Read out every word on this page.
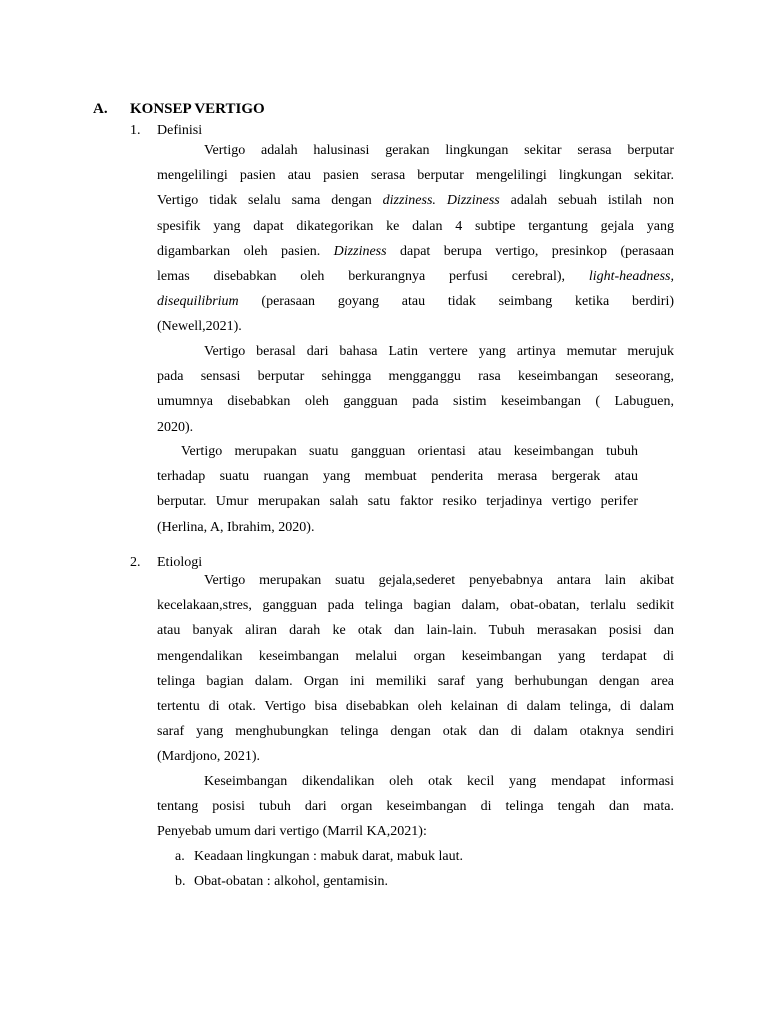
A. KONSEP VERTIGO
1. Definisi
Vertigo adalah halusinasi gerakan lingkungan sekitar serasa berputar
mengelilingi pasien atau pasien serasa berputar mengelilingi lingkungan sekitar.
Vertigo tidak selalu sama dengan dizziness. Dizziness adalah sebuah istilah non
spesifik yang dapat dikategorikan ke dalan 4 subtipe tergantung gejala yang
digambarkan oleh pasien. Dizziness dapat berupa vertigo, presinkop (perasaan
lemas disebabkan oleh berkurangnya perfusi cerebral), light-headness,
disequilibrium (perasaan goyang atau tidak seimbang ketika berdiri)
(Newell,2021).
Vertigo berasal dari bahasa Latin vertere yang artinya memutar merujuk
pada sensasi berputar sehingga mengganggu rasa keseimbangan seseorang,
umumnya disebabkan oleh gangguan pada sistim keseimbangan ( Labuguen,
2020).
Vertigo merupakan suatu gangguan orientasi atau keseimbangan tubuh
terhadap suatu ruangan yang membuat penderita merasa bergerak atau
berputar. Umur merupakan salah satu faktor resiko terjadinya vertigo perifer
(Herlina, A, Ibrahim, 2020).
2. Etiologi
Vertigo merupakan suatu gejala,sederet penyebabnya antara lain akibat
kecelakaan,stres, gangguan pada telinga bagian dalam, obat-obatan, terlalu sedikit
atau banyak aliran darah ke otak dan lain-lain. Tubuh merasakan posisi dan
mengendalikan keseimbangan melalui organ keseimbangan yang terdapat di
telinga bagian dalam. Organ ini memiliki saraf yang berhubungan dengan area
tertentu di otak. Vertigo bisa disebabkan oleh kelainan di dalam telinga, di dalam
saraf yang menghubungkan telinga dengan otak dan di dalam otaknya sendiri
(Mardjono, 2021).
Keseimbangan dikendalikan oleh otak kecil yang mendapat informasi
tentang posisi tubuh dari organ keseimbangan di telinga tengah dan mata.
Penyebab umum dari vertigo (Marril KA,2021):
a. Keadaan lingkungan : mabuk darat, mabuk laut.
b. Obat-obatan : alkohol, gentamisin.
